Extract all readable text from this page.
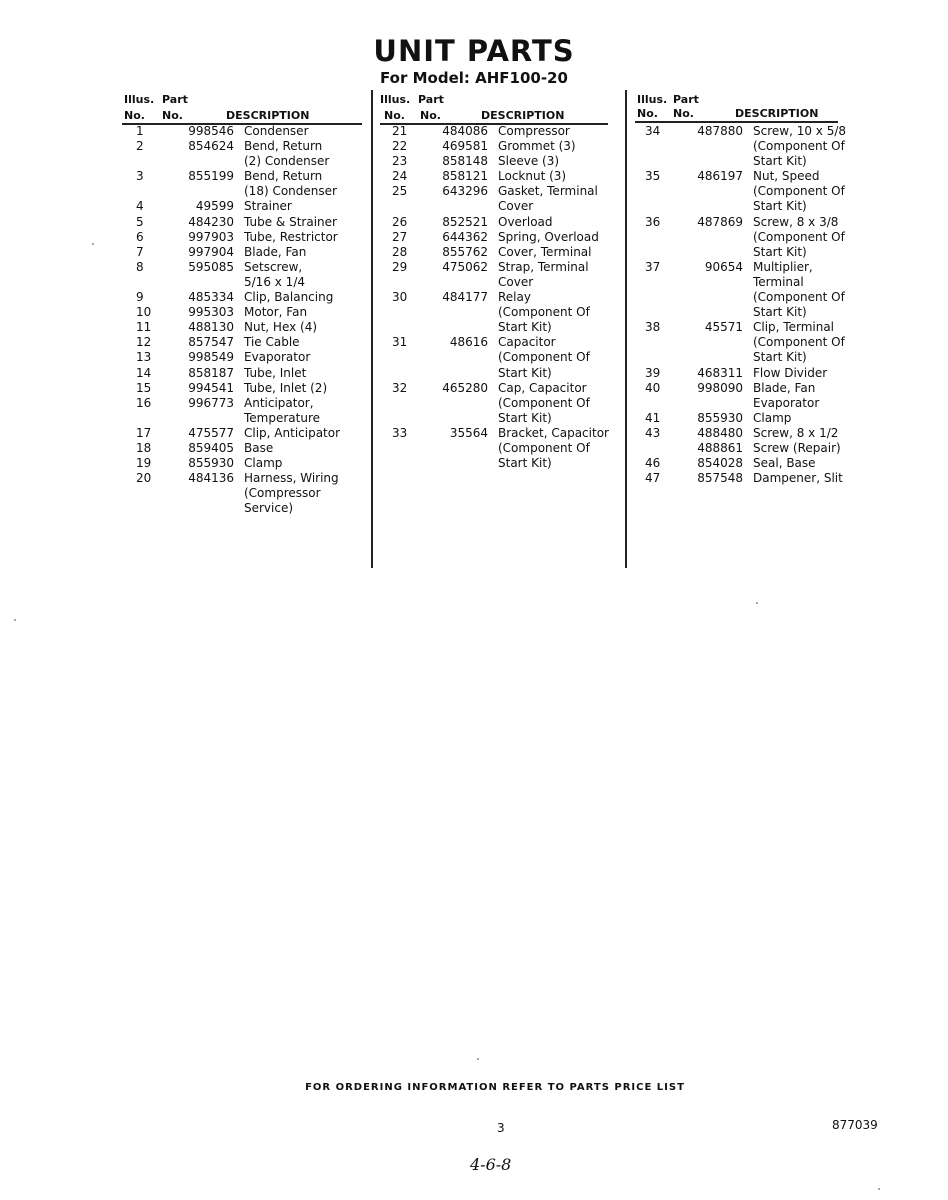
UNIT PARTS
For Model: AHF100-20
Illus. Part
No. No.	DESCRIPTION
1	998546 Condenser
2	854624 Bend, Return
(2) Condenser
3	855199 Bend, Return
(18) Condenser
4	49599 Strainer
5	484230 Tube & Strainer
6	997903 Tube, Restrictor
7	997904 Blade, Fan
8	595085 Setscrew,
5/16 x 1/4
9	485334 Clip, Balancing
10	995303 Motor, Fan
11	488130 Nut, Hex (4)
12	857547 Tie Cable
13	998549 Evaporator
14	858187 Tube, Inlet
15	994541 Tube, Inlet (2)
16	996773 Anticipator,
Temperature
17	475577 Clip, Anticipator
18	859405 Base
19	855930 Clamp
20	484136 Harness, Wiring
(Compressor
Service)
Illus. Part
No. No.	DESCRIPTION
21	484086 Compressor
22	469581 Grommet (3)
23	858148 Sleeve (3)
24	858121 Locknut (3)
25	643296 Gasket, Terminal
Cover
26	852521 Overload
27	644362 Spring, Overload
28	855762 Cover, Terminal
29	475062 Strap, Terminal
Cover
30	484177 Relay
(Component Of
Start Kit)
31	48616 Capacitor
(Component Of
Start Kit)
32	465280 Cap, Capacitor
(Component Of
Start Kit)
33	35564 Bracket, Capacitor
(Component Of
Start Kit)
Illus. Part
No. No.	DESCRIPTION
34	487880 Screw, 10 x 5/8
(Component Of
Start Kit)
35	486197 Nut, Speed
(Component Of
Start Kit)
36	487869 Screw, 8 x 3/8
(Component Of
Start Kit)
37	90654 Multiplier,
Terminal
(Component Of
Start Kit)
38	45571 Clip, Terminal
(Component Of
Start Kit)
39	468311 Flow Divider
40	998090 Blade, Fan
Evaporator
41	855930 Clamp
43	488480 Screw, 8 x 1/2
488861 Screw (Repair)
46	854028 Seal, Base
47	857548 Dampener, Slit
FOR ORDERING INFORMATION REFER TO PARTS PRICE LIST
3	877039
4-6-8
